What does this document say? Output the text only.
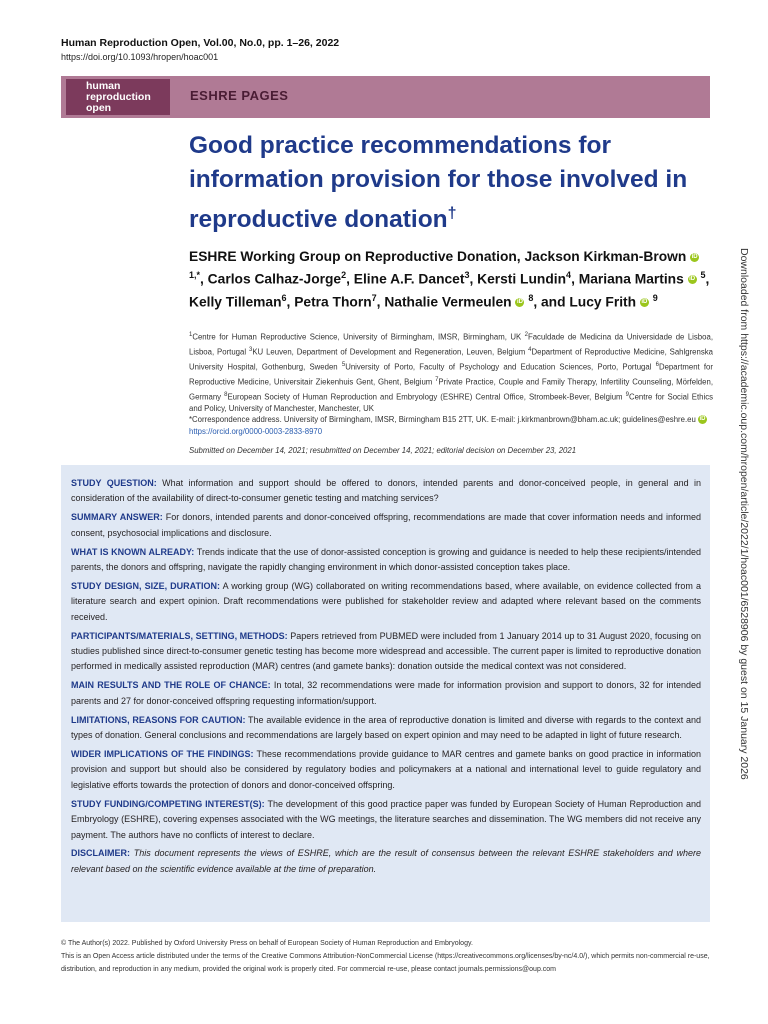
Human Reproduction Open, Vol.00, No.0, pp. 1–26, 2022
https://doi.org/10.1093/hropen/hoac001
human
reproduction
open
ESHRE PAGES
Good practice recommendations for information provision for those involved in reproductive donation†
ESHRE Working Group on Reproductive Donation, Jackson Kirkman-Brown iD $^{1,*}$, Carlos Calhaz-Jorge$^2$, Eline A.F. Dancet$^3$, Kersti Lundin$^4$, Mariana Martins iD $^5$, Kelly Tilleman$^6$, Petra Thorn$^7$, Nathalie Vermeulen iD $^8$, and Lucy Frith iD $^9$
$^1$Centre for Human Reproductive Science, University of Birmingham, IMSR, Birmingham, UK $^2$Faculdade de Medicina da Universidade de Lisboa, Lisboa, Portugal $^3$KU Leuven, Department of Development and Regeneration, Leuven, Belgium $^4$Department of Reproductive Medicine, Sahlgrenska University Hospital, Gothenburg, Sweden $^5$University of Porto, Faculty of Psychology and Education Sciences, Porto, Portugal $^6$Department for Reproductive Medicine, Universitair Ziekenhuis Gent, Ghent, Belgium $^7$Private Practice, Couple and Family Therapy, Infertility Counseling, Mörfelden, Germany $^8$European Society of Human Reproduction and Embryology (ESHRE) Central Office, Strombeek-Bever, Belgium $^9$Centre for Social Ethics and Policy, University of Manchester, Manchester, UK
*Correspondence address. University of Birmingham, IMSR, Birmingham B15 2TT, UK. E-mail: j.kirkmanbrown@bham.ac.uk; guidelines@eshre.eu iD https://orcid.org/0000-0003-2833-8970
Submitted on December 14, 2021; resubmitted on December 14, 2021; editorial decision on December 23, 2021

STUDY QUESTION: What information and support should be offered to donors, intended parents and donor-conceived people, in general and in consideration of the availability of direct-to-consumer genetic testing and matching services?

SUMMARY ANSWER: For donors, intended parents and donor-conceived offspring, recommendations are made that cover information needs and informed consent, psychosocial implications and disclosure.

WHAT IS KNOWN ALREADY: Trends indicate that the use of donor-assisted conception is growing and guidance is needed to help these recipients/intended parents, the donors and offspring, navigate the rapidly changing environment in which donor-assisted conception takes place.

STUDY DESIGN, SIZE, DURATION: A working group (WG) collaborated on writing recommendations based, where available, on evidence collected from a literature search and expert opinion. Draft recommendations were published for stakeholder review and adapted where relevant based on the comments received.

PARTICIPANTS/MATERIALS, SETTING, METHODS: Papers retrieved from PUBMED were included from 1 January 2014 up to 31 August 2020, focusing on studies published since direct-to-consumer genetic testing has become more widespread and accessible. The current paper is limited to reproductive donation performed in medically assisted reproduction (MAR) centres (and gamete banks): donation outside the medical context was not considered.

MAIN RESULTS AND THE ROLE OF CHANCE: In total, 32 recommendations were made for information provision and support to donors, 32 for intended parents and 27 for donor-conceived offspring requesting information/support.

LIMITATIONS, REASONS FOR CAUTION: The available evidence in the area of reproductive donation is limited and diverse with regards to the context and types of donation. General conclusions and recommendations are largely based on expert opinion and may need to be adapted in light of future research.

WIDER IMPLICATIONS OF THE FINDINGS: These recommendations provide guidance to MAR centres and gamete banks on good practice in information provision and support but should also be considered by regulatory bodies and policymakers at a national and international level to guide regulatory and legislative efforts towards the protection of donors and donor-conceived offspring.

STUDY FUNDING/COMPETING INTEREST(S): The development of this good practice paper was funded by European Society of Human Reproduction and Embryology (ESHRE), covering expenses associated with the WG meetings, the literature searches and dissemination. The WG members did not receive any payment. The authors have no conflicts of interest to declare.

DISCLAIMER: This document represents the views of ESHRE, which are the result of consensus between the relevant ESHRE stakeholders and where relevant based on the scientific evidence available at the time of preparation.

Downloaded from https://academic.oup.com/hropen/article/2022/1/hoac001/6528906 by guest on 15 January 2026

© The Author(s) 2022. Published by Oxford University Press on behalf of European Society of Human Reproduction and Embryology.

This is an Open Access article distributed under the terms of the Creative Commons Attribution-NonCommercial License (https://creativecommons.org/licenses/by-nc/4.0/), which permits non-commercial re-use, distribution, and reproduction in any medium, provided the original work is properly cited. For commercial re-use, please contact journals.permissions@oup.com
